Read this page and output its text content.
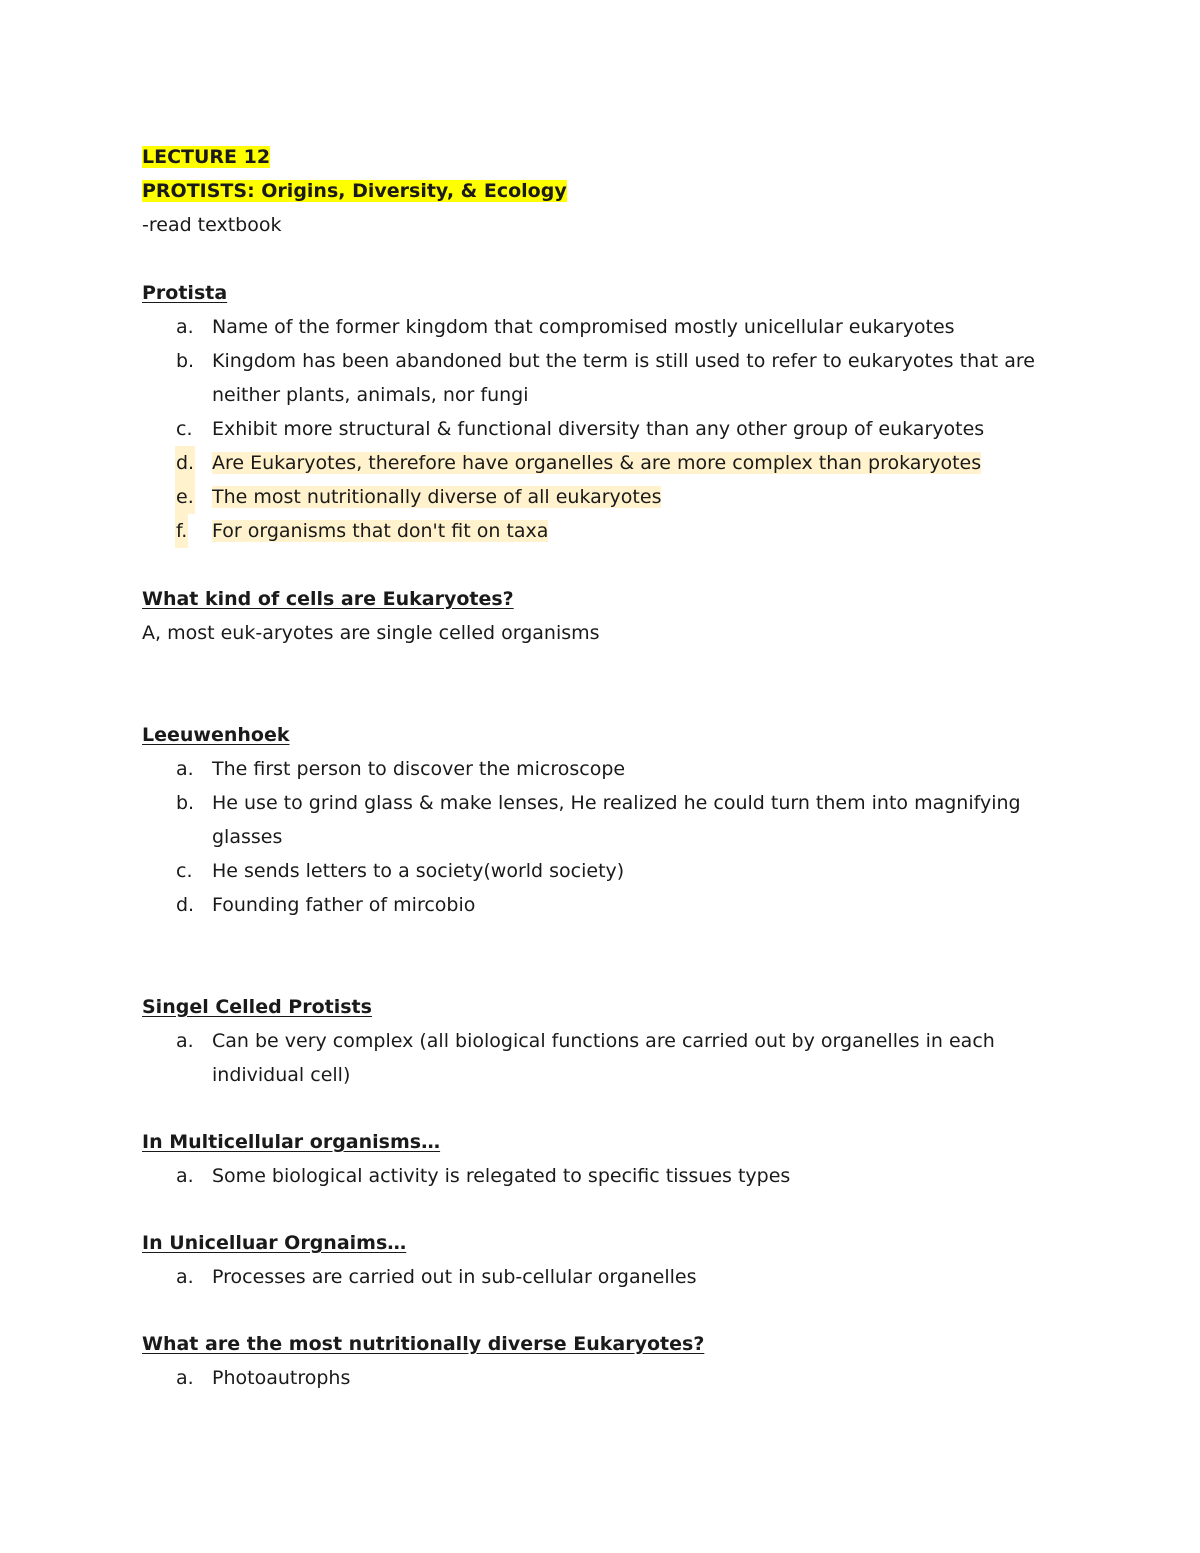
LECTURE 12
PROTISTS: Origins, Diversity, & Ecology
-read textbook
Protista
a. Name of the former kingdom that compromised mostly unicellular eukaryotes
b. Kingdom has been abandoned but the term is still used to refer to eukaryotes that are neither plants, animals, nor fungi
c. Exhibit more structural & functional diversity than any other group of eukaryotes
d. Are Eukaryotes, therefore have organelles & are more complex than prokaryotes
e. The most nutritionally diverse of all eukaryotes
f. For organisms that don't fit on taxa
What kind of cells are Eukaryotes?
A, most euk-aryotes are single celled organisms
Leeuwenhoek
a. The first person to discover the microscope
b. He use to grind glass & make lenses, He realized he could turn them into magnifying glasses
c. He sends letters to a society(world society)
d. Founding father of mircobio
Singel Celled Protists
a. Can be very complex (all biological functions are carried out by organelles in each individual cell)
In Multicellular organisms…
a. Some biological activity is relegated to specific tissues types
In Unicelluar Orgnaims…
a. Processes are carried out in sub-cellular organelles
What are the most nutritionally diverse Eukaryotes?
a. Photoautrophs
